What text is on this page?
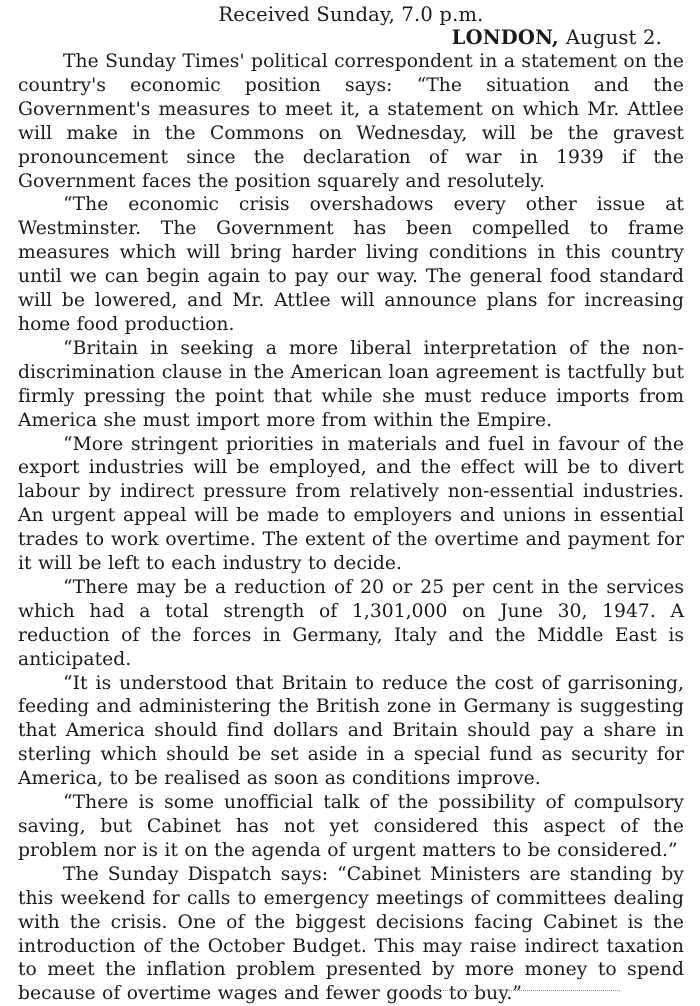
Received Sunday, 7.0 p.m.
LONDON, August 2.

The Sunday Times' political correspondent in a statement on the country's economic position says: “The situation and the Government's measures to meet it, a statement on which Mr. Attlee will make in the Commons on Wednesday, will be the gravest pronouncement since the declaration of war in 1939 if the Government faces the position squarely and resolutely.

“The economic crisis overshadows every other issue at Westminster. The Government has been compelled to frame measures which will bring harder living conditions in this country until we can begin again to pay our way. The general food standard will be lowered, and Mr. Attlee will announce plans for increasing home food production.

“Britain in seeking a more liberal interpretation of the non-discrimination clause in the American loan agreement is tactfully but firmly pressing the point that while she must reduce imports from America she must import more from within the Empire.

“More stringent priorities in materials and fuel in favour of the export industries will be employed, and the effect will be to divert labour by indirect pressure from relatively non-essential industries. An urgent appeal will be made to employers and unions in essential trades to work overtime. The extent of the overtime and payment for it will be left to each industry to decide.

“There may be a reduction of 20 or 25 per cent in the services which had a total strength of 1,301,000 on June 30, 1947. A reduction of the forces in Germany, Italy and the Middle East is anticipated.

“It is understood that Britain to reduce the cost of garrisoning, feeding and administering the British zone in Germany is suggesting that America should find dollars and Britain should pay a share in sterling which should be set aside in a special fund as security for America, to be realised as soon as conditions improve.

“There is some unofficial talk of the possibility of compulsory saving, but Cabinet has not yet considered this aspect of the problem nor is it on the agenda of urgent matters to be considered.”

The Sunday Dispatch says: “Cabinet Ministers are standing by this weekend for calls to emergency meetings of committees dealing with the crisis. One of the biggest decisions facing Cabinet is the introduction of the October Budget. This may raise indirect taxation to meet the inflation problem presented by more money to spend because of overtime wages and fewer goods to buy.”
